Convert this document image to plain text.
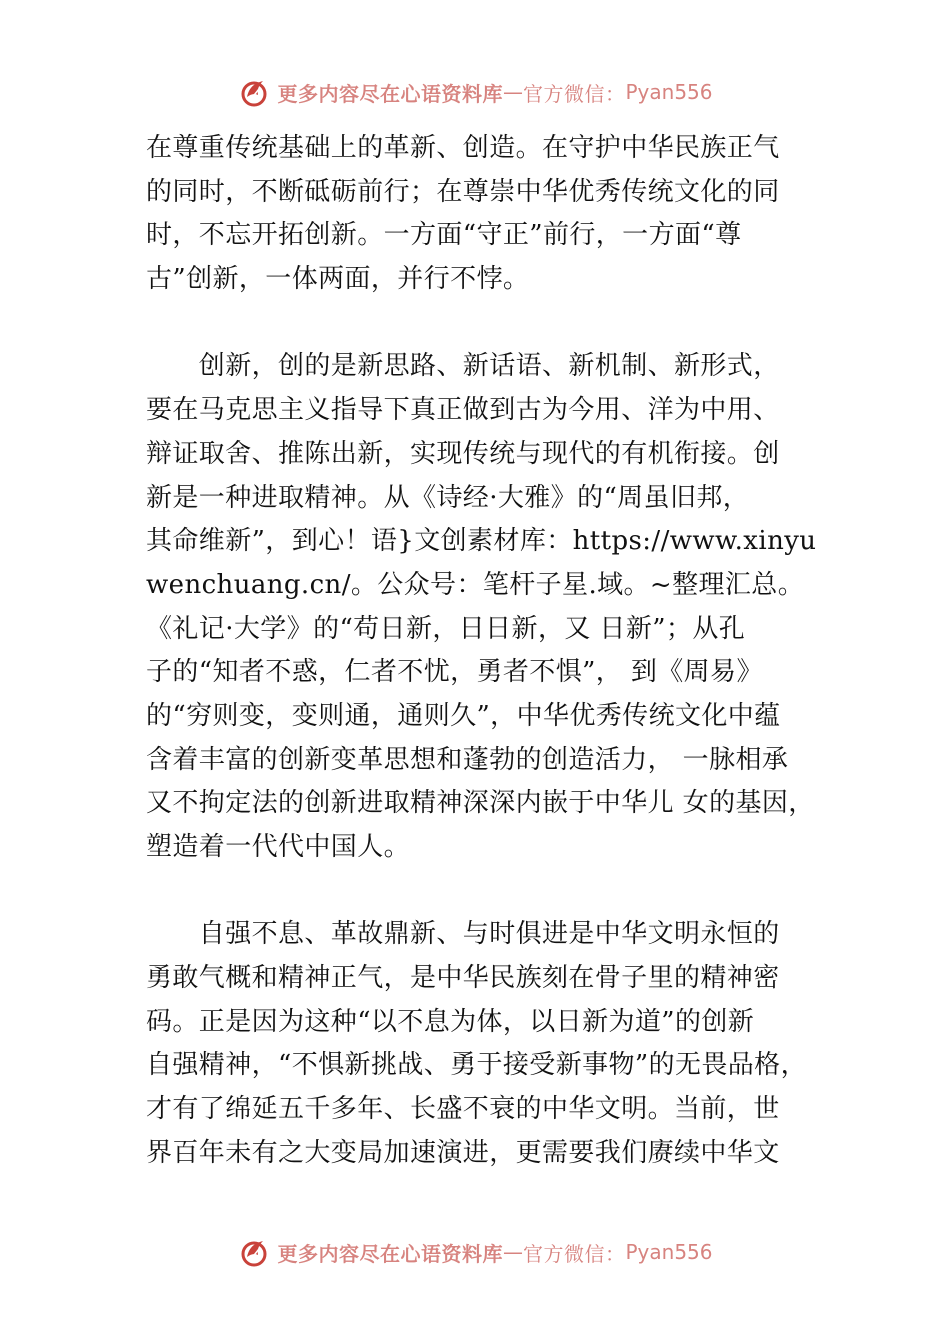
更多内容尽在心语资料库 — 官方微信： Pyan556
在尊重传统基础上的革新、创造。在守护中华民族正气
的同时，不断砥砺前行；在尊崇中华优秀传统文化的同
时，不忘开拓创新。一方面“守正”前行，一方面“尊
古”创新，一体两面，并行不悖。
　　创新，创的是新思路、新话语、新机制、新形式，
要在马克思主义指导下真正做到古为今用、洋为中用、
辩证取舍、推陈出新，实现传统与现代的有机衔接。创
新是一种进取精神。从《诗经·大雅》的“周虽旧邦，
其命维新”，到心！语}文创素材库：https://www.xinyu
wenchuang.cn/。公众号：笔杆子星.域。~整理汇总。
《礼记·大学》的“苟日新，日日新，又 日新”；从孔
子的“知者不惑，仁者不忧，勇者不惧”， 到《周易》
的“穷则变，变则通，通则久”，中华优秀传统文化中蕴
含着丰富的创新变革思想和蓬勃的创造活力， 一脉相承
又不拘定法的创新进取精神深深内嵌于中华儿 女的基因，
塑造着一代代中国人。
　　自强不息、革故鼎新、与时俱进是中华文明永恒的
勇敢气概和精神正气，是中华民族刻在骨子里的精神密
码。正是因为这种“以不息为体，以日新为道”的创新
自强精神，“不惧新挑战、勇于接受新事物”的无畏品格，
才有了绵延五千多年、长盛不衰的中华文明。当前，世
界百年未有之大变局加速演进，更需要我们赓续中华文
更多内容尽在心语资料库 — 官方微信： Pyan556
